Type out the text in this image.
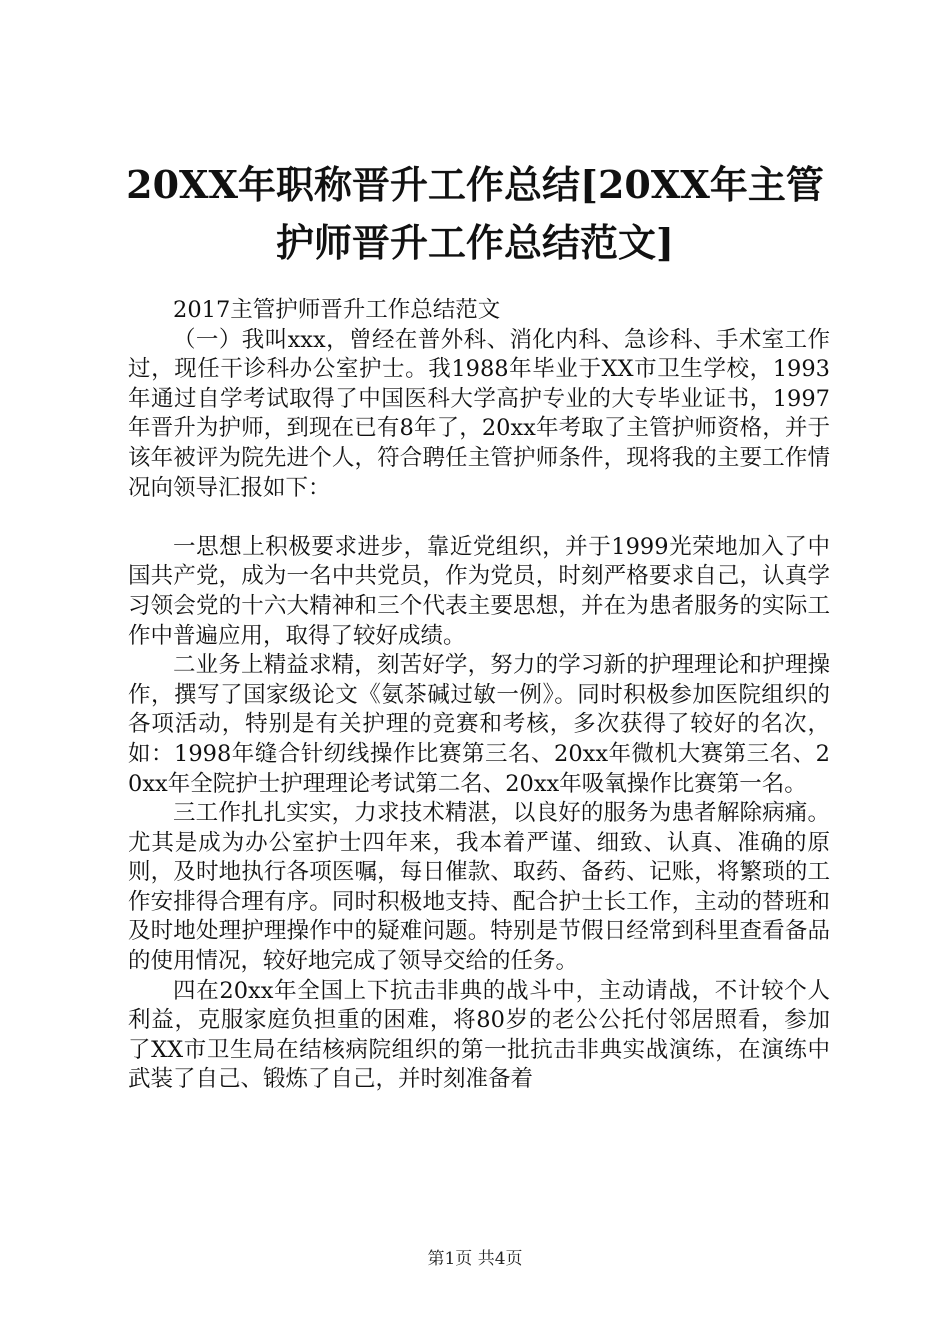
20XX年职称晋升工作总结[20XX年主管护师晋升工作总结范文]

2017主管护师晋升工作总结范文

（一）我叫xxx，曾经在普外科、消化内科、急诊科、手术室工作过，现任干诊科办公室护士。我1988年毕业于XX市卫生学校，1993年通过自学考试取得了中国医科大学高护专业的大专毕业证书，1997年晋升为护师，到现在已有8年了，20xx年考取了主管护师资格，并于该年被评为院先进个人，符合聘任主管护师条件，现将我的主要工作情况向领导汇报如下：

一思想上积极要求进步，靠近党组织，并于1999光荣地加入了中国共产党，成为一名中共党员，作为党员，时刻严格要求自己，认真学习领会党的十六大精神和三个代表主要思想，并在为患者服务的实际工作中普遍应用，取得了较好成绩。

二业务上精益求精，刻苦好学，努力的学习新的护理理论和护理操作，撰写了国家级论文《氨茶碱过敏一例》。同时积极参加医院组织的各项活动，特别是有关护理的竞赛和考核，多次获得了较好的名次，如：1998年缝合针纫线操作比赛第三名、20xx年微机大赛第三名、20xx年全院护士护理理论考试第二名、20xx年吸氧操作比赛第一名。

三工作扎扎实实，力求技术精湛，以良好的服务为患者解除病痛。尤其是成为办公室护士四年来，我本着严谨、细致、认真、准确的原则，及时地执行各项医嘱，每日催款、取药、备药、记账，将繁琐的工作安排得合理有序。同时积极地支持、配合护士长工作，主动的替班和及时地处理护理操作中的疑难问题。特别是节假日经常到科里查看备品的使用情况，较好地完成了领导交给的任务。

四在20xx年全国上下抗击非典的战斗中，主动请战，不计较个人利益，克服家庭负担重的困难，将80岁的老公公托付邻居照看，参加了XX市卫生局在结核病院组织的第一批抗击非典实战演练，在演练中武装了自己、锻炼了自己，并时刻准备着

第1页 共4页
